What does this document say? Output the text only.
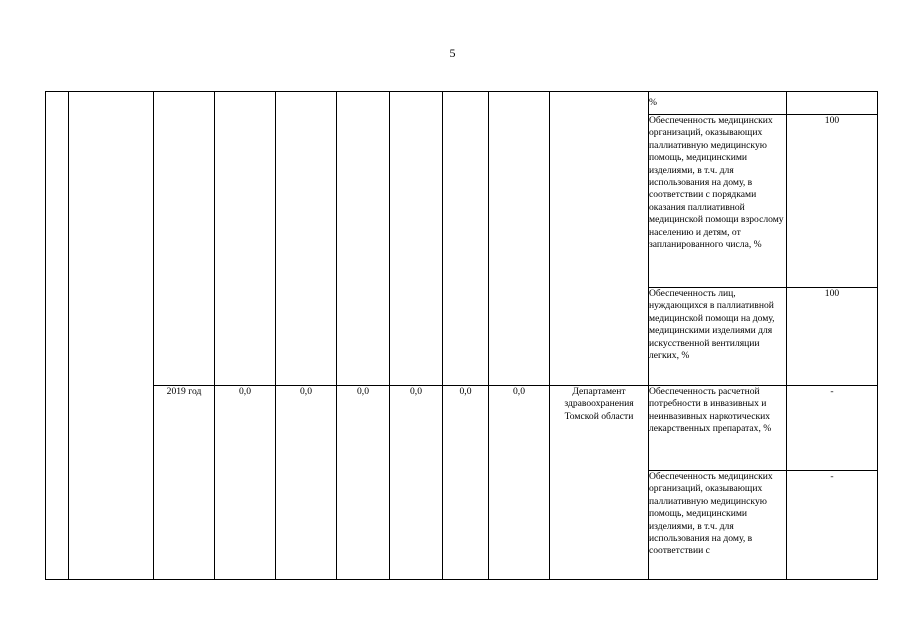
5

										%	

										Обеспеченность медицинских организаций, оказывающих паллиативную медицинскую помощь, медицинскими изделиями, в т.ч. для использования на дому, в соответствии с порядками оказания паллиативной медицинской помощи взрослому населению и детям, от запланированного числа, %	100

										Обеспеченность лиц, нуждающихся в паллиативной медицинской помощи на дому, медицинскими изделиями для искусственной вентиляции легких, %	100
		2019 год	0,0	0,0	0,0	0,0	0,0	0,0	Департамент здравоохранения Томской области	Обеспеченность расчетной потребности в инвазивных и неинвазивных наркотических лекарственных препаратах, %	-

										Обеспеченность медицинских организаций, оказывающих паллиативную медицинскую помощь, медицинскими изделиями, в т.ч. для использования на дому, в соответствии с	-
